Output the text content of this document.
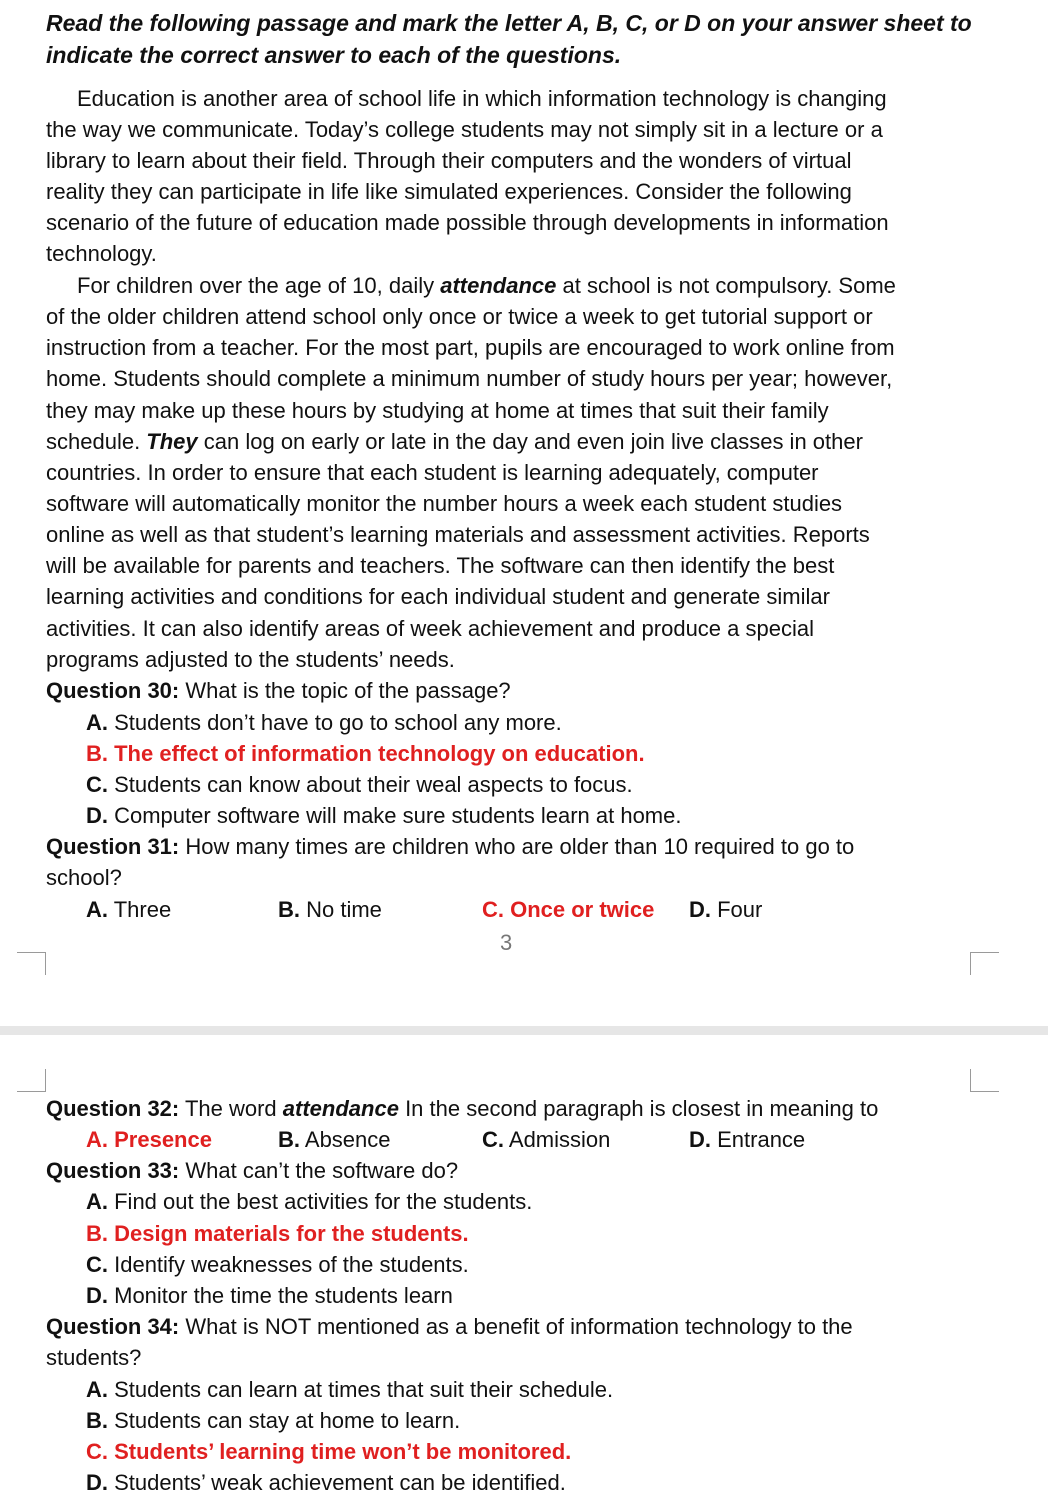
Read the following passage and mark the letter A, B, C, or D on your answer sheet to
indicate the correct answer to each of the questions.
Education is another area of school life in which information technology is changing
the way we communicate. Today’s college students may not simply sit in a lecture or a
library to learn about their field. Through their computers and the wonders of virtual
reality they can participate in life like simulated experiences. Consider the following
scenario of the future of education made possible through developments in information
technology.
For children over the age of 10, daily attendance at school is not compulsory. Some
of the older children attend school only once or twice a week to get tutorial support or
instruction from a teacher. For the most part, pupils are encouraged to work online from
home. Students should complete a minimum number of study hours per year; however,
they may make up these hours by studying at home at times that suit their family
schedule. They can log on early or late in the day and even join live classes in other
countries. In order to ensure that each student is learning adequately, computer
software will automatically monitor the number hours a week each student studies
online as well as that student’s learning materials and assessment activities. Reports
will be available for parents and teachers. The software can then identify the best
learning activities and conditions for each individual student and generate similar
activities. It can also identify areas of week achievement and produce a special
programs adjusted to the students’ needs.
Question 30: What is the topic of the passage?
A. Students don’t have to go to school any more.
B. The effect of information technology on education.
C. Students can know about their weal aspects to focus.
D. Computer software will make sure students learn at home.
Question 31: How many times are children who are older than 10 required to go to
school?
A. Three	B. No time	C. Once or twice D. Four
3
Question 32: The word attendance In the second paragraph is closest in meaning to
A. Presence	B. Absence	C. Admission	D. Entrance
Question 33: What can’t the software do?
A. Find out the best activities for the students.
B. Design materials for the students.
C. Identify weaknesses of the students.
D. Monitor the time the students learn
Question 34: What is NOT mentioned as a benefit of information technology to the
students?
A. Students can learn at times that suit their schedule.
B. Students can stay at home to learn.
C. Students’ learning time won’t be monitored.
D. Students’ weak achievement can be identified.
